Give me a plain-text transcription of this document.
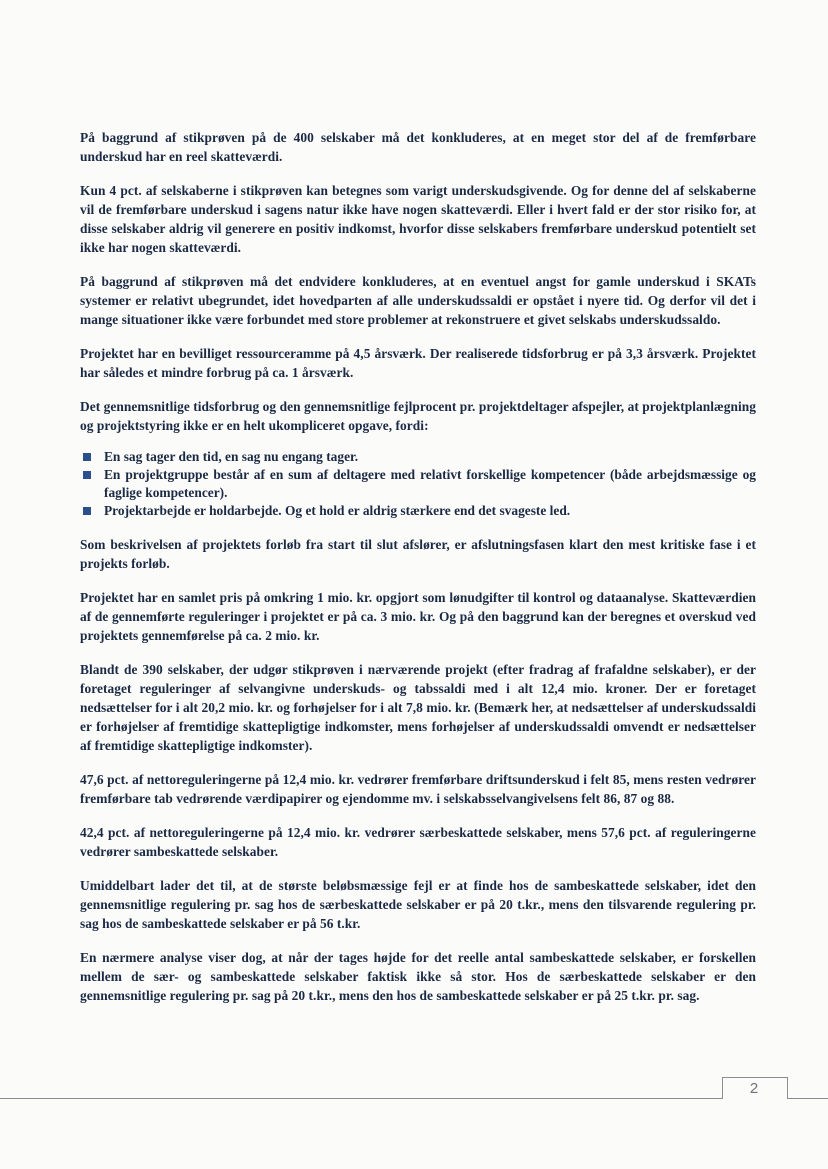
På baggrund af stikprøven på de 400 selskaber må det konkluderes, at en meget stor del af de fremførbare underskud har en reel skatteværdi.

Kun 4 pct. af selskaberne i stikprøven kan betegnes som varigt underskudsgivende. Og for denne del af selskaberne vil de fremførbare underskud i sagens natur ikke have nogen skatteværdi. Eller i hvert fald er der stor risiko for, at disse selskaber aldrig vil generere en positiv indkomst, hvorfor disse selskabers fremførbare underskud potentielt set ikke har nogen skatteværdi.

På baggrund af stikprøven må det endvidere konkluderes, at en eventuel angst for gamle underskud i SKATs systemer er relativt ubegrundet, idet hovedparten af alle underskudssaldi er opstået i nyere tid. Og derfor vil det i mange situationer ikke være forbundet med store problemer at rekonstruere et givet selskabs underskudssaldo.

Projektet har en bevilliget ressourceramme på 4,5 årsværk. Der realiserede tidsforbrug er på 3,3 årsværk. Projektet har således et mindre forbrug på ca. 1 årsværk.

Det gennemsnitlige tidsforbrug og den gennemsnitlige fejlprocent pr. projektdeltager afspejler, at projektplanlægning og projektstyring ikke er en helt ukompliceret opgave, fordi:

En sag tager den tid, en sag nu engang tager.
En projektgruppe består af en sum af deltagere med relativt forskellige kompetencer (både arbejdsmæssige og faglige kompetencer).
Projektarbejde er holdarbejde. Og et hold er aldrig stærkere end det svageste led.

Som beskrivelsen af projektets forløb fra start til slut afslører, er afslutningsfasen klart den mest kritiske fase i et projekts forløb.

Projektet har en samlet pris på omkring 1 mio. kr. opgjort som lønudgifter til kontrol og dataanalyse. Skatteværdien af de gennemførte reguleringer i projektet er på ca. 3 mio. kr. Og på den baggrund kan der beregnes et overskud ved projektets gennemførelse på ca. 2 mio. kr.

Blandt de 390 selskaber, der udgør stikprøven i nærværende projekt (efter fradrag af frafaldne selskaber), er der foretaget reguleringer af selvangivne underskuds- og tabssaldi med i alt 12,4 mio. kroner. Der er foretaget nedsættelser for i alt 20,2 mio. kr. og forhøjelser for i alt 7,8 mio. kr. (Bemærk her, at nedsættelser af underskudssaldi er forhøjelser af fremtidige skattepligtige indkomster, mens forhøjelser af underskudssaldi omvendt er nedsættelser af fremtidige skattepligtige indkomster).

47,6 pct. af nettoreguleringerne på 12,4 mio. kr. vedrører fremførbare driftsunderskud i felt 85, mens resten vedrører fremførbare tab vedrørende værdipapirer og ejendomme mv. i selskabsselvangivelsens felt 86, 87 og 88.

42,4 pct. af nettoreguleringerne på 12,4 mio. kr. vedrører særbeskattede selskaber, mens 57,6 pct. af reguleringerne vedrører sambeskattede selskaber.

Umiddelbart lader det til, at de største beløbsmæssige fejl er at finde hos de sambeskattede selskaber, idet den gennemsnitlige regulering pr. sag hos de særbeskattede selskaber er på 20 t.kr., mens den tilsvarende regulering pr. sag hos de sambeskattede selskaber er på 56 t.kr.

En nærmere analyse viser dog, at når der tages højde for det reelle antal sambeskattede selskaber, er forskellen mellem de sær- og sambeskattede selskaber faktisk ikke så stor. Hos de særbeskattede selskaber er den gennemsnitlige regulering pr. sag på 20 t.kr., mens den hos de sambeskattede selskaber er på 25 t.kr. pr. sag.

2
